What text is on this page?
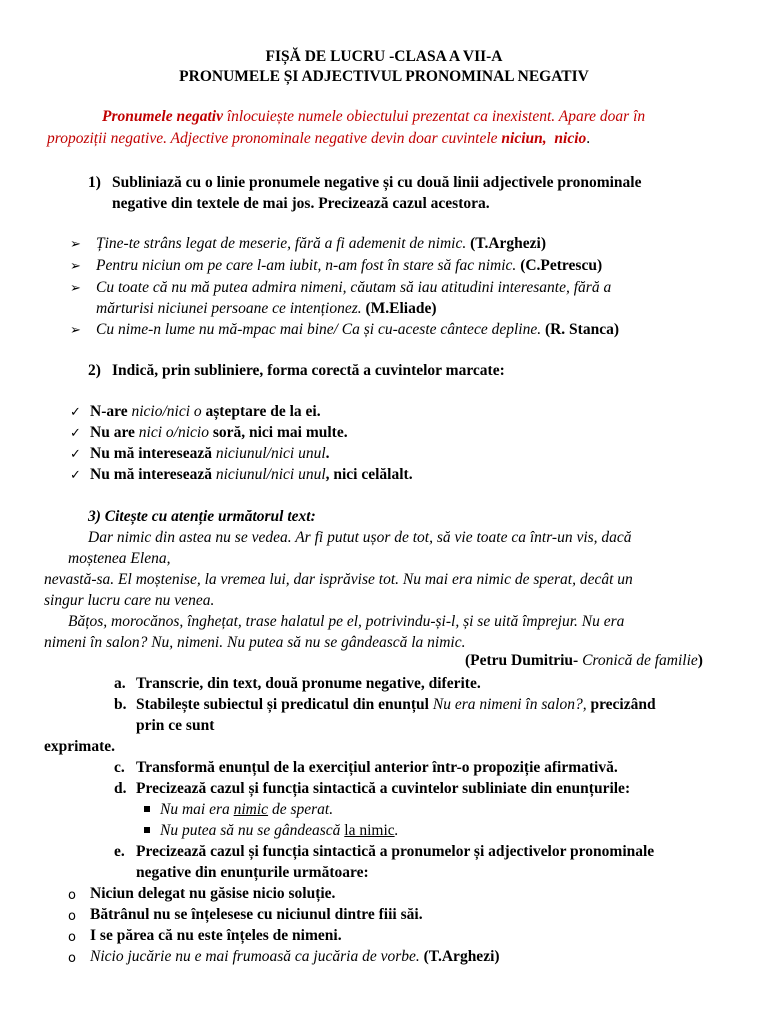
FIȘĂ DE LUCRU -CLASA A VII-A
PRONUMELE ȘI ADJECTIVUL PRONOMINAL NEGATIV
Pronumele negativ înlocuiește numele obiectului prezentat ca inexistent. Apare doar în
propoziții negative. Adjective pronominale negative devin doar cuvintele niciun, nicio.
1) Subliniază cu o linie pronumele negative și cu două linii adjectivele pronominale
negative din textele de mai jos. Precizează cazul acestora.
➢ Ține-te strâns legat de meserie, fără a fi ademenit de nimic. (T.Arghezi)
➢ Pentru niciun om pe care l-am iubit, n-am fost în stare să fac nimic. (C.Petrescu)
➢ Cu toate că nu mă putea admira nimeni, căutam să iau atitudini interesante, fără a
mărturisi niciunei persoane ce intenționez. (M.Eliade)
➢ Cu nime-n lume nu mă-mpac mai bine/ Ca și cu-aceste cântece depline. (R. Stanca)
2) Indică, prin subliniere, forma corectă a cuvintelor marcate:
✓ N-are nicio/nici o așteptare de la ei.
✓ Nu are nici o/nicio soră, nici mai multe.
✓ Nu mă interesează niciunul/nici unul.
✓ Nu mă interesează niciunul/nici unul, nici celălalt.
3) Citește cu atenție următorul text:
Dar nimic din astea nu se vedea. Ar fi putut ușor de tot, să vie toate ca într-un vis, dacă
moștenea Elena,
nevastă-sa. El moștenise, la vremea lui, dar isprăvise tot. Nu mai era nimic de sperat, decât un
singur lucru care nu venea.
Bățos, morocănos, înghețat, trase halatul pe el, potrivindu-și-l, și se uită împrejur. Nu era
nimeni în salon? Nu, nimeni. Nu putea să nu se gândească la nimic.
(Petru Dumitriu- Cronică de familie)
a. Transcrie, din text, două pronume negative, diferite.
b. Stabilește subiectul și predicatul din enunțul Nu era nimeni în salon?, precizând
prin ce sunt
exprimate.
c. Transformă enunțul de la exercițiul anterior într-o propoziție afirmativă.
d. Precizează cazul și funcția sintactică a cuvintelor subliniate din enunțurile:
Nu mai era nimic de sperat.
Nu putea să nu se gândească la nimic.
e. Precizează cazul și funcția sintactică a pronumelor și adjectivelor pronominale
negative din enunțurile următoare:
o Niciun delegat nu găsise nicio soluție.
o Bătrânul nu se înțelesese cu niciunul dintre fiii săi.
o I se părea că nu este înțeles de nimeni.
o Nicio jucărie nu e mai frumoasă ca jucăria de vorbe. (T.Arghezi)
